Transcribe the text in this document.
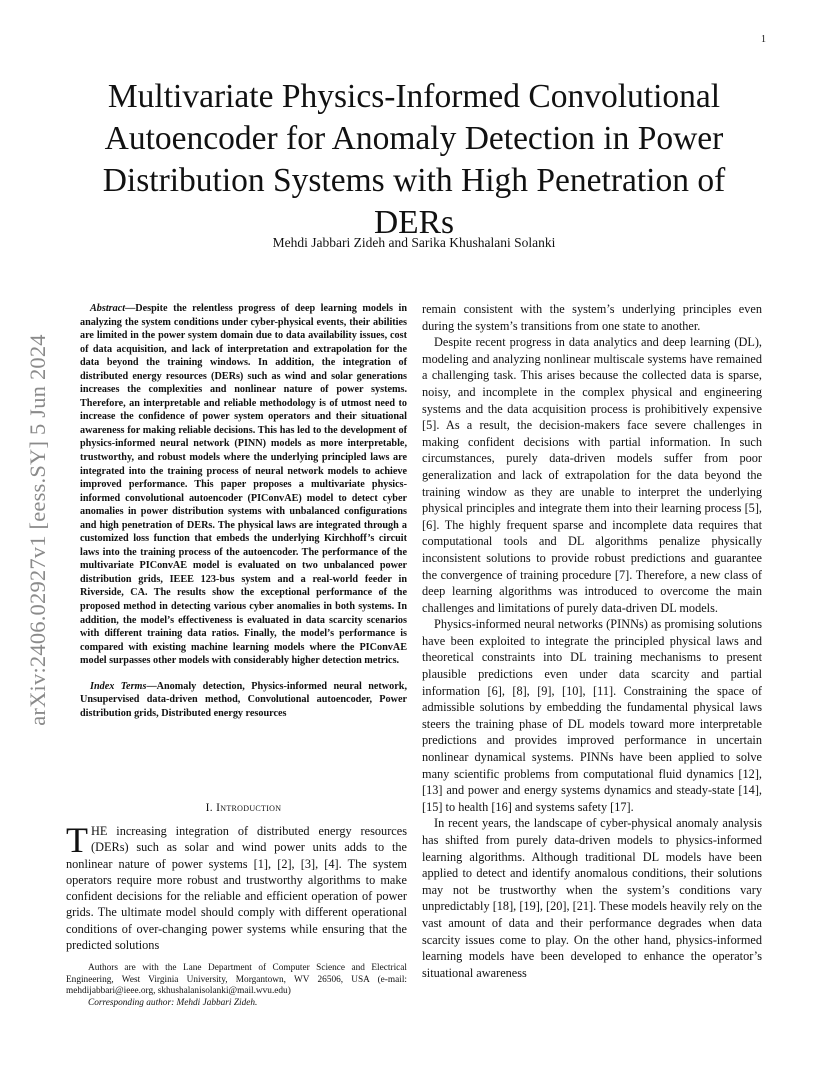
1
arXiv:2406.02927v1 [eess.SY] 5 Jun 2024
Multivariate Physics-Informed Convolutional Autoencoder for Anomaly Detection in Power Distribution Systems with High Penetration of DERs
Mehdi Jabbari Zideh and Sarika Khushalani Solanki

Abstract—Despite the relentless progress of deep learning models in analyzing the system conditions under cyber-physical events, their abilities are limited in the power system domain due to data availability issues, cost of data acquisition, and lack of interpretation and extrapolation for the data beyond the training windows. In addition, the integration of distributed energy resources (DERs) such as wind and solar generations increases the complexities and nonlinear nature of power systems. Therefore, an interpretable and reliable methodology is of utmost need to increase the confidence of power system operators and their situational awareness for making reliable decisions. This has led to the development of physics-informed neural network (PINN) models as more interpretable, trustworthy, and robust models where the underlying principled laws are integrated into the training process of neural network models to achieve improved performance. This paper proposes a multivariate physics-informed convolutional autoencoder (PIConvAE) model to detect cyber anomalies in power distribution systems with unbalanced configurations and high penetration of DERs. The physical laws are integrated through a customized loss function that embeds the underlying Kirchhoff’s circuit laws into the training process of the autoencoder. The performance of the multivariate PIConvAE model is evaluated on two unbalanced power distribution grids, IEEE 123-bus system and a real-world feeder in Riverside, CA. The results show the exceptional performance of the proposed method in detecting various cyber anomalies in both systems. In addition, the model’s effectiveness is evaluated in data scarcity scenarios with different training data ratios. Finally, the model’s performance is compared with existing machine learning models where the PIConvAE model surpasses other models with considerably higher detection metrics.

Index Terms—Anomaly detection, Physics-informed neural network, Unsupervised data-driven method, Convolutional autoencoder, Power distribution grids, Distributed energy resources

I. Introduction

THE increasing integration of distributed energy resources (DERs) such as solar and wind power units adds to the nonlinear nature of power systems [1], [2], [3], [4]. The system operators require more robust and trustworthy algorithms to make confident decisions for the reliable and efficient operation of power grids. The ultimate model should comply with different operational conditions of over-changing power systems while ensuring that the predicted solutions

Authors are with the Lane Department of Computer Science and Electrical Engineering, West Virginia University, Morgantown, WV 26506, USA (e-mail: mehdijabbari@ieee.org, skhushalanisolanki@mail.wvu.edu)

Corresponding author: Mehdi Jabbari Zideh.

remain consistent with the system’s underlying principles even during the system’s transitions from one state to another.

Despite recent progress in data analytics and deep learning (DL), modeling and analyzing nonlinear multiscale systems have remained a challenging task. This arises because the collected data is sparse, noisy, and incomplete in the complex physical and engineering systems and the data acquisition process is prohibitively expensive [5]. As a result, the decision-makers face severe challenges in making confident decisions with partial information. In such circumstances, purely data-driven models suffer from poor generalization and lack of extrapolation for the data beyond the training window as they are unable to interpret the underlying physical principles and integrate them into their learning process [5], [6]. The highly frequent sparse and incomplete data requires that computational tools and DL algorithms penalize physically inconsistent solutions to provide robust predictions and guarantee the convergence of training procedure [7]. Therefore, a new class of deep learning algorithms was introduced to overcome the main challenges and limitations of purely data-driven DL models.

Physics-informed neural networks (PINNs) as promising solutions have been exploited to integrate the principled physical laws and theoretical constraints into DL training mechanisms to present plausible predictions even under data scarcity and partial information [6], [8], [9], [10], [11]. Constraining the space of admissible solutions by embedding the fundamental physical laws steers the training phase of DL models toward more interpretable predictions and provides improved performance in uncertain nonlinear dynamical systems. PINNs have been applied to solve many scientific problems from computational fluid dynamics [12], [13] and power and energy systems dynamics and steady-state [14], [15] to health [16] and systems safety [17].

In recent years, the landscape of cyber-physical anomaly analysis has shifted from purely data-driven models to physics-informed learning algorithms. Although traditional DL models have been applied to detect and identify anomalous conditions, their solutions may not be trustworthy when the system’s conditions vary unpredictably [18], [19], [20], [21]. These models heavily rely on the vast amount of data and their performance degrades when data scarcity issues come to play. On the other hand, physics-informed learning models have been developed to enhance the operator’s situational awareness
